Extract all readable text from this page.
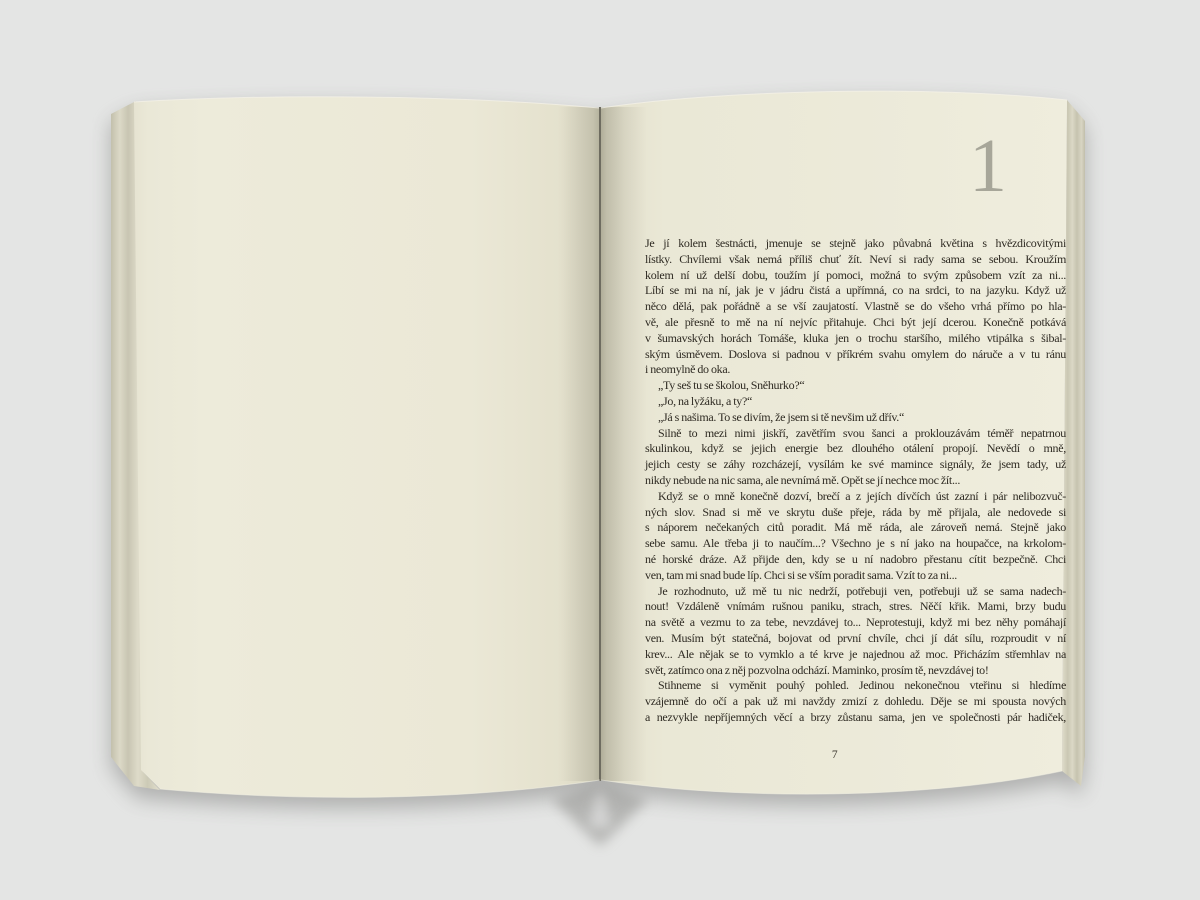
1
Je jí kolem šestnácti, jmenuje se stejně jako půvabná květina s hvězdicovitými
lístky. Chvílemi však nemá příliš chuť žít. Neví si rady sama se sebou. Kroužím
kolem ní už delší dobu, toužím jí pomoci, možná to svým způsobem vzít za ni...
Líbí se mi na ní, jak je v jádru čistá a upřímná, co na srdci, to na jazyku. Když už
něco dělá, pak pořádně a se vší zaujatostí. Vlastně se do všeho vrhá přímo po hla-
vě, ale přesně to mě na ní nejvíc přitahuje. Chci být její dcerou. Konečně potkává
v šumavských horách Tomáše, kluka jen o trochu staršího, milého vtipálka s šibal-
ským úsměvem. Doslova si padnou v příkrém svahu omylem do náruče a v tu ránu
i neomylně do oka.
„Ty seš tu se školou, Sněhurko?“
„Jo, na lyžáku, a ty?“
„Já s našima. To se divím, že jsem si tě nevšim už dřív.“
Silně to mezi nimi jiskří, zavětřím svou šanci a proklouzávám téměř nepatrnou
skulinkou, když se jejich energie bez dlouhého otálení propojí. Nevědí o mně,
jejich cesty se záhy rozcházejí, vysílám ke své mamince signály, že jsem tady, už
nikdy nebude na nic sama, ale nevnímá mě. Opět se jí nechce moc žít...
Když se o mně konečně dozví, brečí a z jejích dívčích úst zazní i pár nelibozvuč-
ných slov. Snad si mě ve skrytu duše přeje, ráda by mě přijala, ale nedovede si
s náporem nečekaných citů poradit. Má mě ráda, ale zároveň nemá. Stejně jako
sebe samu. Ale třeba ji to naučím...? Všechno je s ní jako na houpačce, na krkolom-
né horské dráze. Až přijde den, kdy se u ní nadobro přestanu cítit bezpečně. Chci
ven, tam mi snad bude líp. Chci si se vším poradit sama. Vzít to za ni...
Je rozhodnuto, už mě tu nic nedrží, potřebuji ven, potřebuji už se sama nadech-
nout! Vzdáleně vnímám rušnou paniku, strach, stres. Něčí křik. Mami, brzy budu
na světě a vezmu to za tebe, nevzdávej to... Neprotestuji, když mi bez něhy pomáhají
ven. Musím být statečná, bojovat od první chvíle, chci jí dát sílu, rozproudit v ní
krev... Ale nějak se to vymklo a té krve je najednou až moc. Přicházím střemhlav na
svět, zatímco ona z něj pozvolna odchází. Maminko, prosím tě, nevzdávej to!
Stihneme si vyměnit pouhý pohled. Jedinou nekonečnou vteřinu si hledíme
vzájemně do očí a pak už mi navždy zmizí z dohledu. Děje se mi spousta nových
a nezvykle nepříjemných věcí a brzy zůstanu sama, jen ve společnosti pár hadiček,
7
